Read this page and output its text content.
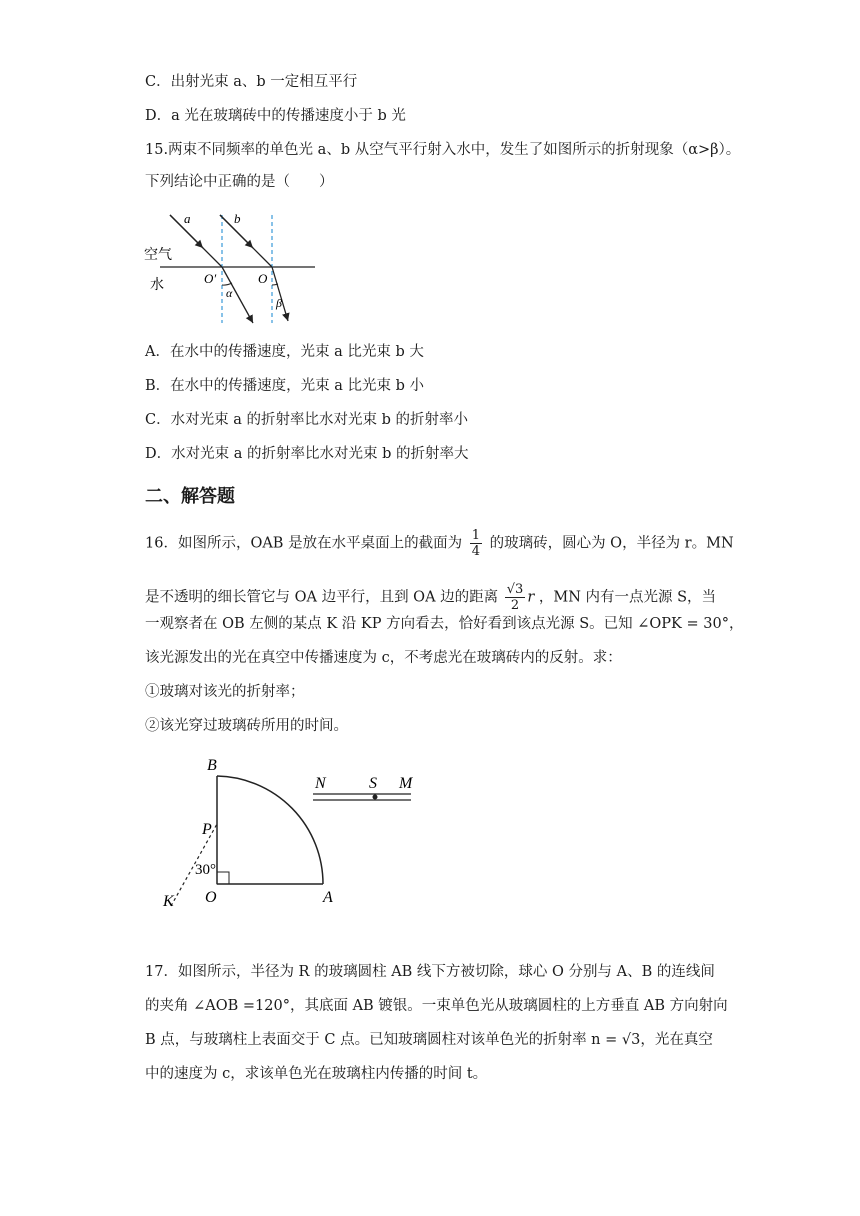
C．出射光束 a、b 一定相互平行
D．a 光在玻璃砖中的传播速度小于 b 光
15.两束不同频率的单色光 a、b 从空气平行射入水中，发生了如图所示的折射现象（α>β）。
下列结论中正确的是（　　）
a	b
空气
水	O′	O
α
β
A．在水中的传播速度，光束 a 比光束 b 大
B．在水中的传播速度，光束 a 比光束 b 小
C．水对光束 a 的折射率比水对光束 b 的折射率小
D．水对光束 a 的折射率比水对光束 b 的折射率大
二、解答题
16．如图所示，OAB 是放在水平桌面上的截面为 $\frac{1}{4}$ 的玻璃砖，圆心为 O，半径为 r。MN
是不透明的细长管它与 OA 边平行，且到 OA 边的距离 $\frac{√3}{2}$ r ，MN 内有一点光源 S，当
一观察者在 OB 左侧的某点 K 沿 KP 方向看去，恰好看到该点光源 S。已知 ∠OPK = 30°，
该光源发出的光在真空中传播速度为 c，不考虑光在玻璃砖内的反射。求：
①玻璃对该光的折射率；
②该光穿过玻璃砖所用的时间。
B
P
30°
O	A
K
N	S M
17．如图所示，半径为 R 的玻璃圆柱 AB 线下方被切除，球心 O 分别与 A、B 的连线间
的夹角 ∠AOB =120°，其底面 AB 镀银。一束单色光从玻璃圆柱的上方垂直 AB 方向射向
B 点，与玻璃柱上表面交于 C 点。已知玻璃圆柱对该单色光的折射率 n = √3，光在真空
中的速度为 c，求该单色光在玻璃柱内传播的时间 t。
